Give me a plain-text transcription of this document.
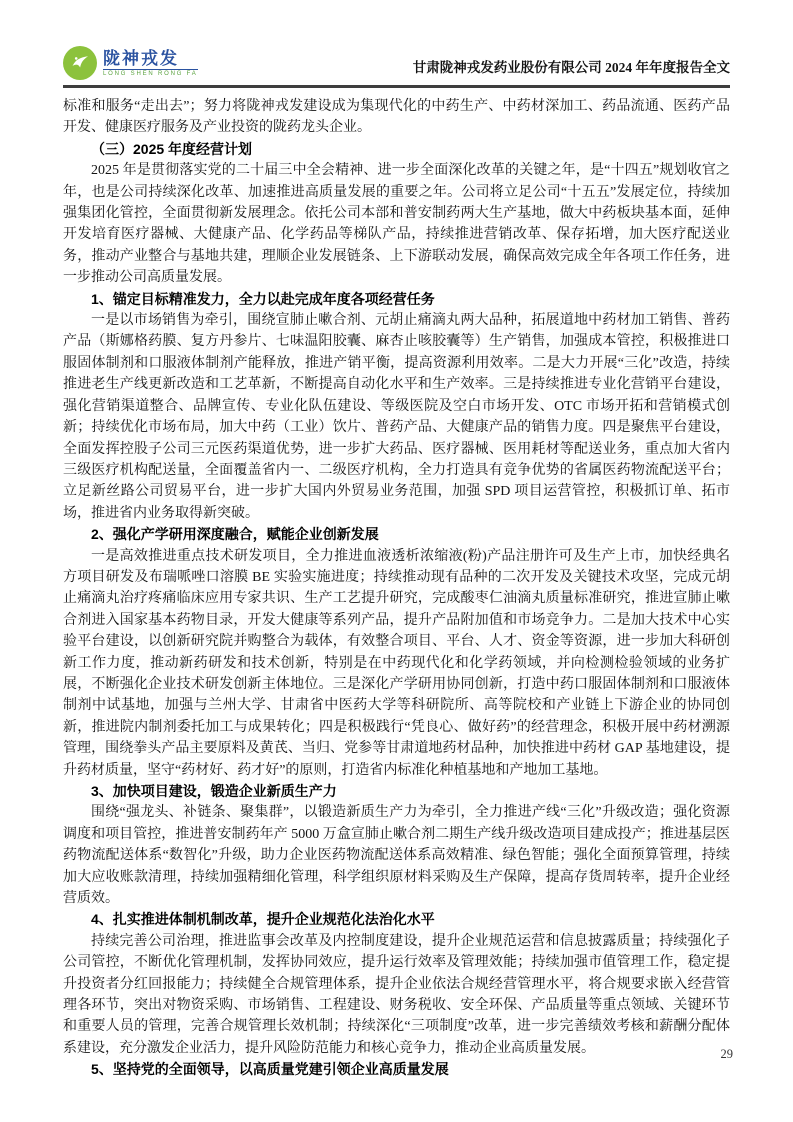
陇神戎发
LONG SHEN RONG FA	甘肃陇神戎发药业股份有限公司 2024 年年度报告全文

标准和服务“走出去”；努力将陇神戎发建设成为集现代化的中药生产、中药材深加工、药品流通、医药产品开发、健康医疗服务及产业投资的陇药龙头企业。

（三）2025 年度经营计划

2025 年是贯彻落实党的二十届三中全会精神、进一步全面深化改革的关键之年，是“十四五”规划收官之年，也是公司持续深化改革、加速推进高质量发展的重要之年。公司将立足公司“十五五”发展定位，持续加强集团化管控，全面贯彻新发展理念。依托公司本部和普安制药两大生产基地，做大中药板块基本面，延伸开发培育医疗器械、大健康产品、化学药品等梯队产品，持续推进营销改革、保存拓增，加大医疗配送业务，推动产业整合与基地共建，理顺企业发展链条、上下游联动发展，确保高效完成全年各项工作任务，进一步推动公司高质量发展。

1、锚定目标精准发力，全力以赴完成年度各项经营任务

一是以市场销售为牵引，围绕宣肺止嗽合剂、元胡止痛滴丸两大品种，拓展道地中药材加工销售、普药产品（斯娜格药膜、复方丹参片、七味温阳胶囊、麻杏止咳胶囊等）生产销售，加强成本管控，积极推进口服固体制剂和口服液体制剂产能释放，推进产销平衡，提高资源利用效率。二是大力开展“三化”改造，持续推进老生产线更新改造和工艺革新，不断提高自动化水平和生产效率。三是持续推进专业化营销平台建设，强化营销渠道整合、品牌宣传、专业化队伍建设、等级医院及空白市场开发、OTC 市场开拓和营销模式创新；持续优化市场布局，加大中药（工业）饮片、普药产品、大健康产品的销售力度。四是聚焦平台建设，全面发挥控股子公司三元医药渠道优势，进一步扩大药品、医疗器械、医用耗材等配送业务，重点加大省内三级医疗机构配送量，全面覆盖省内一、二级医疗机构，全力打造具有竞争优势的省属医药物流配送平台；立足新丝路公司贸易平台，进一步扩大国内外贸易业务范围，加强 SPD 项目运营管控，积极抓订单、拓市场，推进省内业务取得新突破。

2、强化产学研用深度融合，赋能企业创新发展

一是高效推进重点技术研发项目，全力推进血液透析浓缩液(粉)产品注册许可及生产上市，加快经典名方项目研发及布瑞哌唑口溶膜 BE 实验实施进度；持续推动现有品种的二次开发及关键技术攻坚，完成元胡止痛滴丸治疗疼痛临床应用专家共识、生产工艺提升研究，完成酸枣仁油滴丸质量标准研究，推进宣肺止嗽合剂进入国家基本药物目录，开发大健康等系列产品，提升产品附加值和市场竞争力。二是加大技术中心实验平台建设，以创新研究院并购整合为载体，有效整合项目、平台、人才、资金等资源，进一步加大科研创新工作力度，推动新药研发和技术创新，特别是在中药现代化和化学药领域，并向检测检验领域的业务扩展，不断强化企业技术研发创新主体地位。三是深化产学研用协同创新，打造中药口服固体制剂和口服液体制剂中试基地，加强与兰州大学、甘肃省中医药大学等科研院所、高等院校和产业链上下游企业的协同创新，推进院内制剂委托加工与成果转化；四是积极践行“凭良心、做好药”的经营理念，积极开展中药材溯源管理，围绕拳头产品主要原料及黄芪、当归、党参等甘肃道地药材品种，加快推进中药材 GAP 基地建设，提升药材质量，坚守“药材好、药才好”的原则，打造省内标准化种植基地和产地加工基地。

3、加快项目建设，锻造企业新质生产力

围绕“强龙头、补链条、聚集群”，以锻造新质生产力为牵引，全力推进产线“三化”升级改造；强化资源调度和项目管控，推进普安制药年产 5000 万盒宣肺止嗽合剂二期生产线升级改造项目建成投产；推进基层医药物流配送体系“数智化”升级，助力企业医药物流配送体系高效精准、绿色智能；强化全面预算管理，持续加大应收账款清理，持续加强精细化管理，科学组织原材料采购及生产保障，提高存货周转率，提升企业经营质效。

4、扎实推进体制机制改革，提升企业规范化法治化水平

持续完善公司治理，推进监事会改革及内控制度建设，提升企业规范运营和信息披露质量；持续强化子公司管控，不断优化管理机制，发挥协同效应，提升运行效率及管理效能；持续加强市值管理工作，稳定提升投资者分红回报能力；持续健全合规管理体系，提升企业依法合规经营管理水平，将合规要求嵌入经营管理各环节，突出对物资采购、市场销售、工程建设、财务税收、安全环保、产品质量等重点领域、关键环节和重要人员的管理，完善合规管理长效机制；持续深化“三项制度”改革，进一步完善绩效考核和薪酬分配体系建设，充分激发企业活力，提升风险防范能力和核心竞争力，推动企业高质量发展。

5、坚持党的全面领导，以高质量党建引领企业高质量发展

29
